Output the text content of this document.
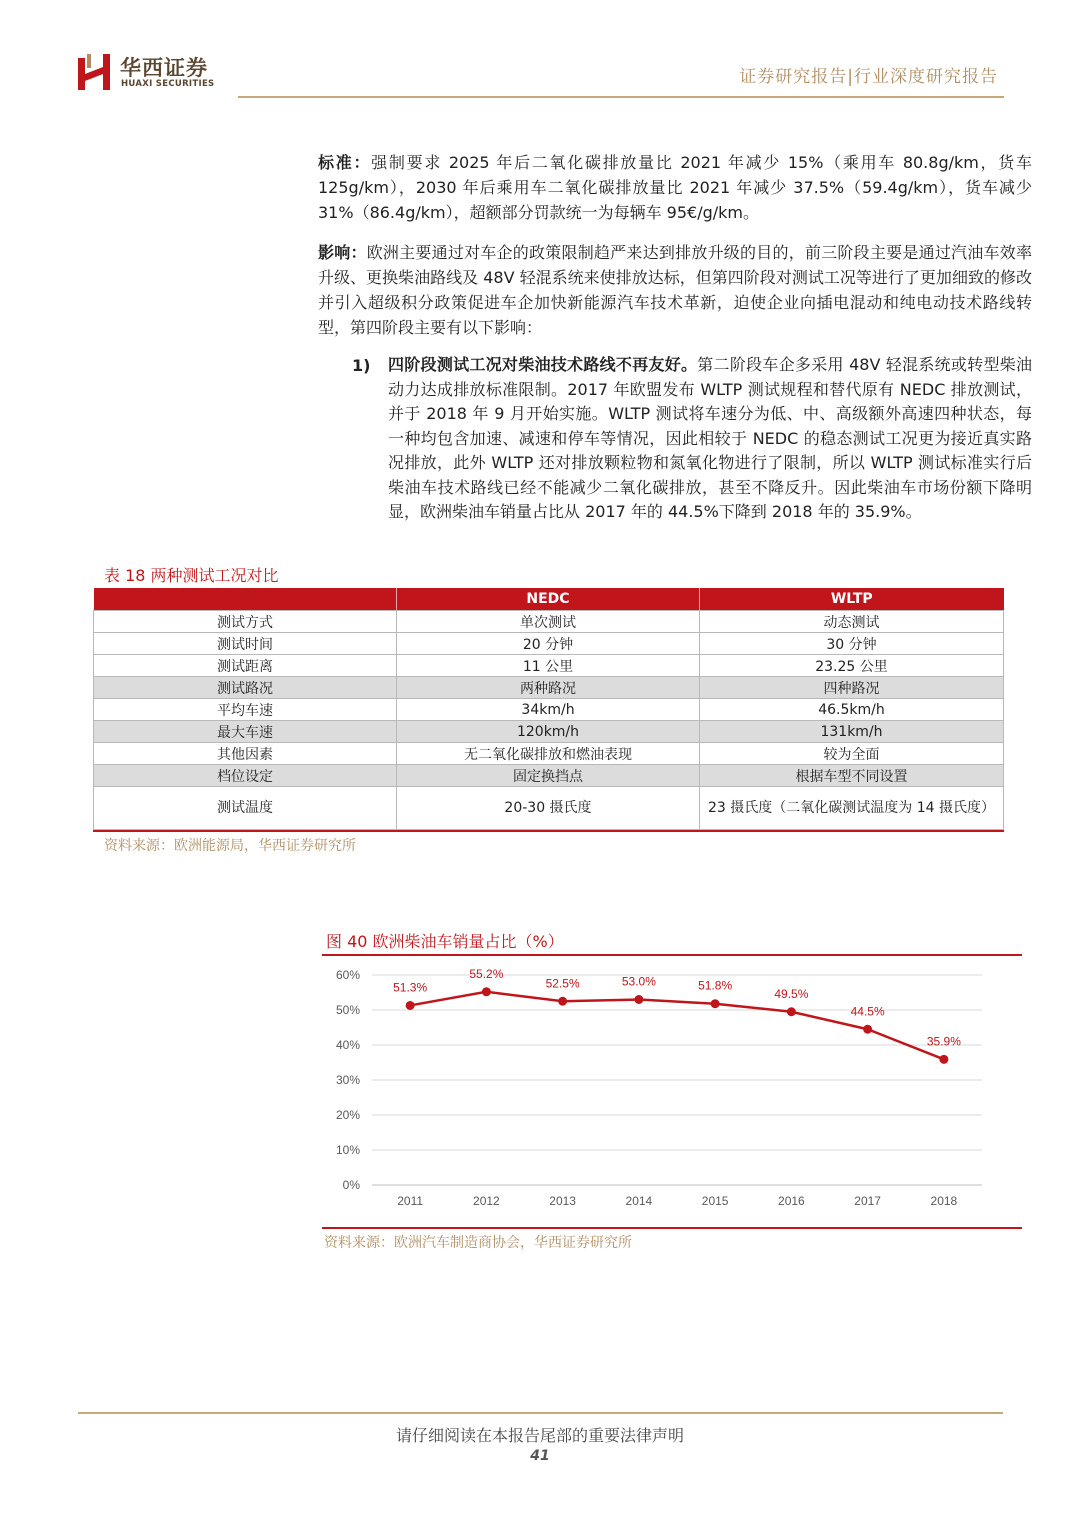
华西证券
HUAXI SECURITIES	证券研究报告|行业深度研究报告
标准：强制要求 2025 年后二氧化碳排放量比 2021 年减少 15%（乘用车 80.8g/km，货车 125g/km），2030 年后乘用车二氧化碳排放量比 2021 年减少 37.5%（59.4g/km），货车减少 31%（86.4g/km），超额部分罚款统一为每辆车 95€/g/km。
影响：欧洲主要通过对车企的政策限制趋严来达到排放升级的目的，前三阶段主要是通过汽油车效率升级、更换柴油路线及 48V 轻混系统来使排放达标，但第四阶段对测试工况等进行了更加细致的修改并引入超级积分政策促进车企加快新能源汽车技术革新，迫使企业向插电混动和纯电动技术路线转型，第四阶段主要有以下影响：
1) 四阶段测试工况对柴油技术路线不再友好。第二阶段车企多采用 48V 轻混系统或转型柴油动力达成排放标准限制。2017 年欧盟发布 WLTP 测试规程和替代原有 NEDC 排放测试，并于 2018 年 9 月开始实施。WLTP 测试将车速分为低、中、高级额外高速四种状态，每一种均包含加速、减速和停车等情况，因此相较于 NEDC 的稳态测试工况更为接近真实路况排放，此外 WLTP 还对排放颗粒物和氮氧化物进行了限制，所以 WLTP 测试标准实行后柴油车技术路线已经不能减少二氧化碳排放，甚至不降反升。因此柴油车市场份额下降明显，欧洲柴油车销量占比从 2017 年的 44.5%下降到 2018 年的 35.9%。
表 18 两种测试工况对比
	NEDC	WLTP
测试方式	单次测试	动态测试
测试时间	20 分钟	30 分钟
测试距离	11 公里	23.25 公里
测试路况	两种路况	四种路况
平均车速	34km/h	46.5km/h
最大车速	120km/h	131km/h
其他因素	无二氧化碳排放和燃油表现	较为全面
档位设定	固定换挡点	根据车型不同设置
测试温度	20-30 摄氏度	23 摄氏度（二氧化碳测试温度为 14 摄氏度）
资料来源：欧洲能源局，华西证券研究所
图 40 欧洲柴油车销量占比（%）
0%
10%
20%
30%
40%
50%
60%
2011	2012	2013	2014	2015	2016	2017	2018
51.3%
55.2%
52.5%	53.0%	51.8%
49.5%
44.5%
35.9%
资料来源：欧洲汽车制造商协会，华西证券研究所
请仔细阅读在本报告尾部的重要法律声明
41
